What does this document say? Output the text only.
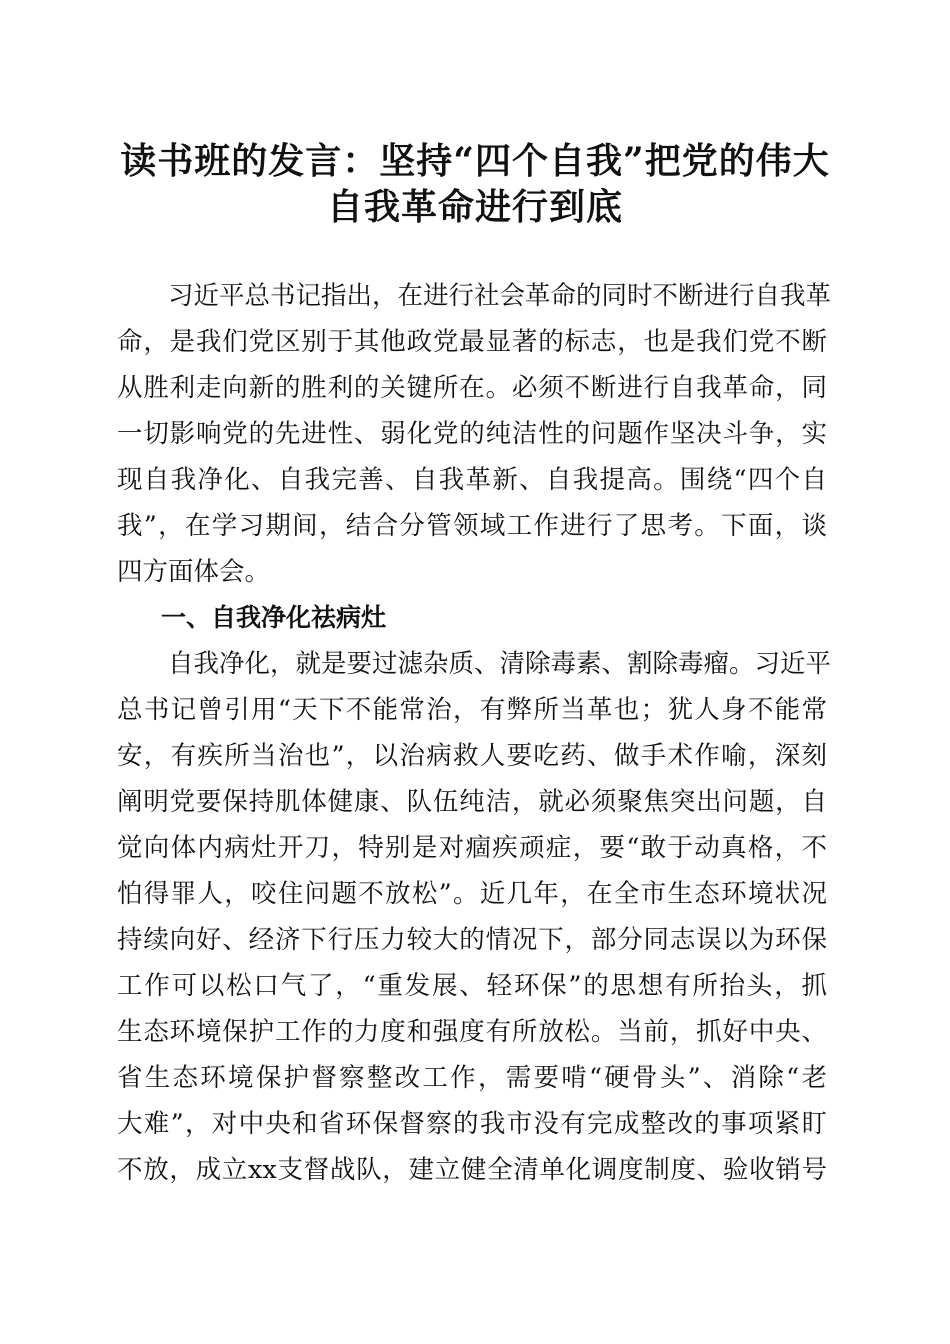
读书班的发言：坚持“四个自我”把党的伟大
自我革命进行到底

　　习近平总书记指出，在进行社会革命的同时不断进行自我革

命，是我们党区别于其他政党最显著的标志，也是我们党不断

从胜利走向新的胜利的关键所在。必须不断进行自我革命，同

一切影响党的先进性、弱化党的纯洁性的问题作坚决斗争，实

现自我净化、自我完善、自我革新、自我提高。围绕“四个自

我”，在学习期间，结合分管领域工作进行了思考。下面，谈

四方面体会。

一、自我净化祛病灶

　　自我净化，就是要过滤杂质、清除毒素、割除毒瘤。习近平

总书记曾引用“天下不能常治，有弊所当革也；犹人身不能常

安，有疾所当治也”，以治病救人要吃药、做手术作喻，深刻

阐明党要保持肌体健康、队伍纯洁，就必须聚焦突出问题，自

觉向体内病灶开刀，特别是对痼疾顽症，要“敢于动真格，不

怕得罪人，咬住问题不放松”。近几年，在全市生态环境状况

持续向好、经济下行压力较大的情况下，部分同志误以为环保

工作可以松口气了，“重发展、轻环保”的思想有所抬头，抓

生态环境保护工作的力度和强度有所放松。当前，抓好中央、

省生态环境保护督察整改工作，需要啃“硬骨头”、消除“老

大难”，对中央和省环保督察的我市没有完成整改的事项紧盯

不放，成立xx支督战队，建立健全清单化调度制度、验收销号
